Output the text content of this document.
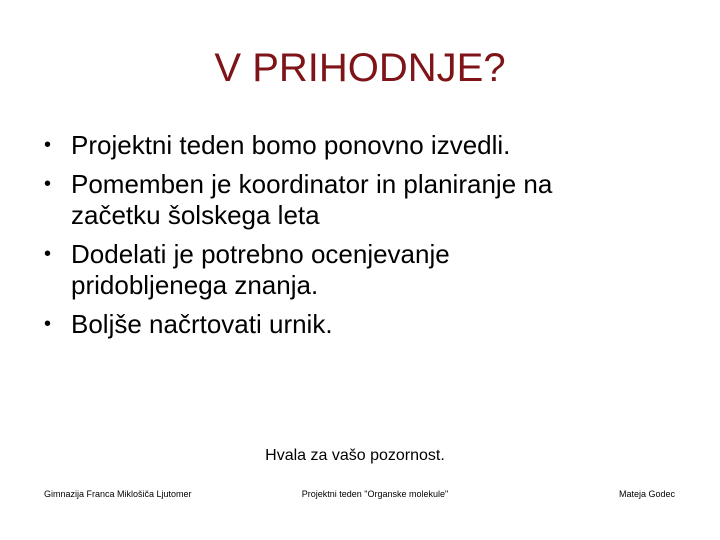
V PRIHODNJE?
• Projektni teden bomo ponovno izvedli.
• Pomemben je koordinator in planiranje na
začetku šolskega leta
• Dodelati je potrebno ocenjevanje
pridobljenega znanja.
• Boljše načrtovati urnik.
Hvala za vašo pozornost.
Gimnazija Franca Miklošiča Ljutomer	Projektni teden "Organske molekule"	Mateja Godec
